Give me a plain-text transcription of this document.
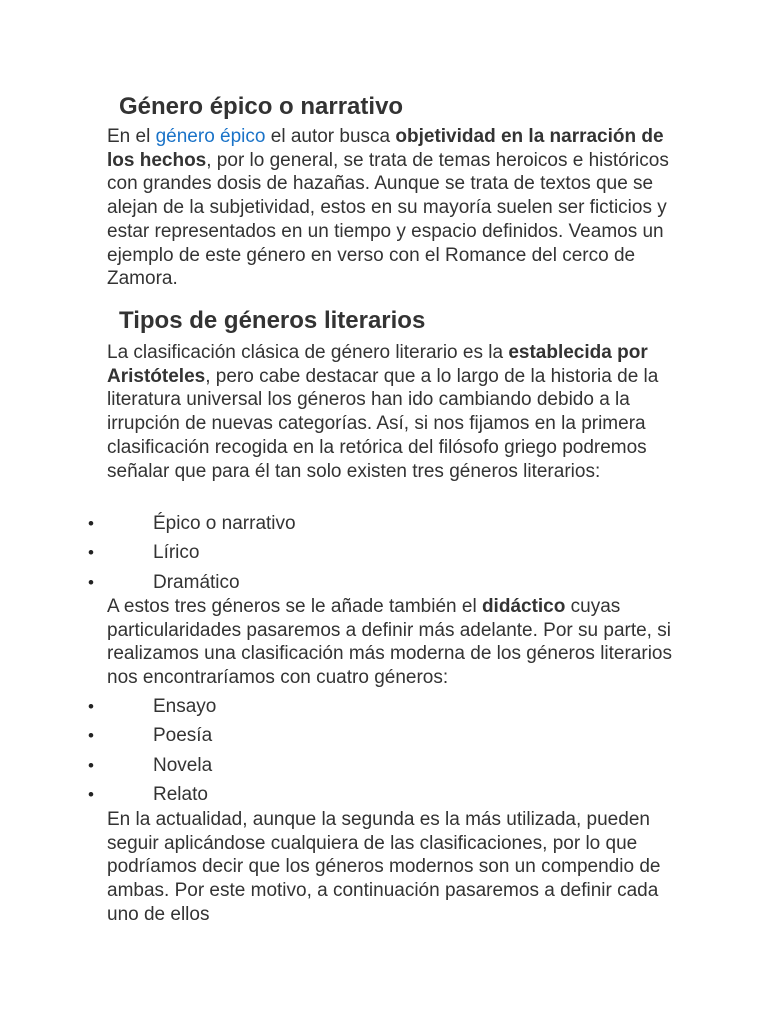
Género épico o narrativo

En el género épico el autor busca objetividad en la narración de los hechos, por lo general, se trata de temas heroicos e históricos con grandes dosis de hazañas. Aunque se trata de textos que se alejan de la subjetividad, estos en su mayoría suelen ser ficticios y estar representados en un tiempo y espacio definidos. Veamos un ejemplo de este género en verso con el Romance del cerco de Zamora.

Tipos de géneros literarios

La clasificación clásica de género literario es la establecida por Aristóteles, pero cabe destacar que a lo largo de la historia de la literatura universal los géneros han ido cambiando debido a la irrupción de nuevas categorías. Así, si nos fijamos en la primera clasificación recogida en la retórica del filósofo griego podremos señalar que para él tan solo existen tres géneros literarios:

•	Épico o narrativo
•	Lírico
•	Dramático

A estos tres géneros se le añade también el didáctico cuyas particularidades pasaremos a definir más adelante. Por su parte, si realizamos una clasificación más moderna de los géneros literarios nos encontraríamos con cuatro géneros:

•	Ensayo
•	Poesía
•	Novela
•	Relato

En la actualidad, aunque la segunda es la más utilizada, pueden seguir aplicándose cualquiera de las clasificaciones, por lo que podríamos decir que los géneros modernos son un compendio de ambas. Por este motivo, a continuación pasaremos a definir cada uno de ellos
